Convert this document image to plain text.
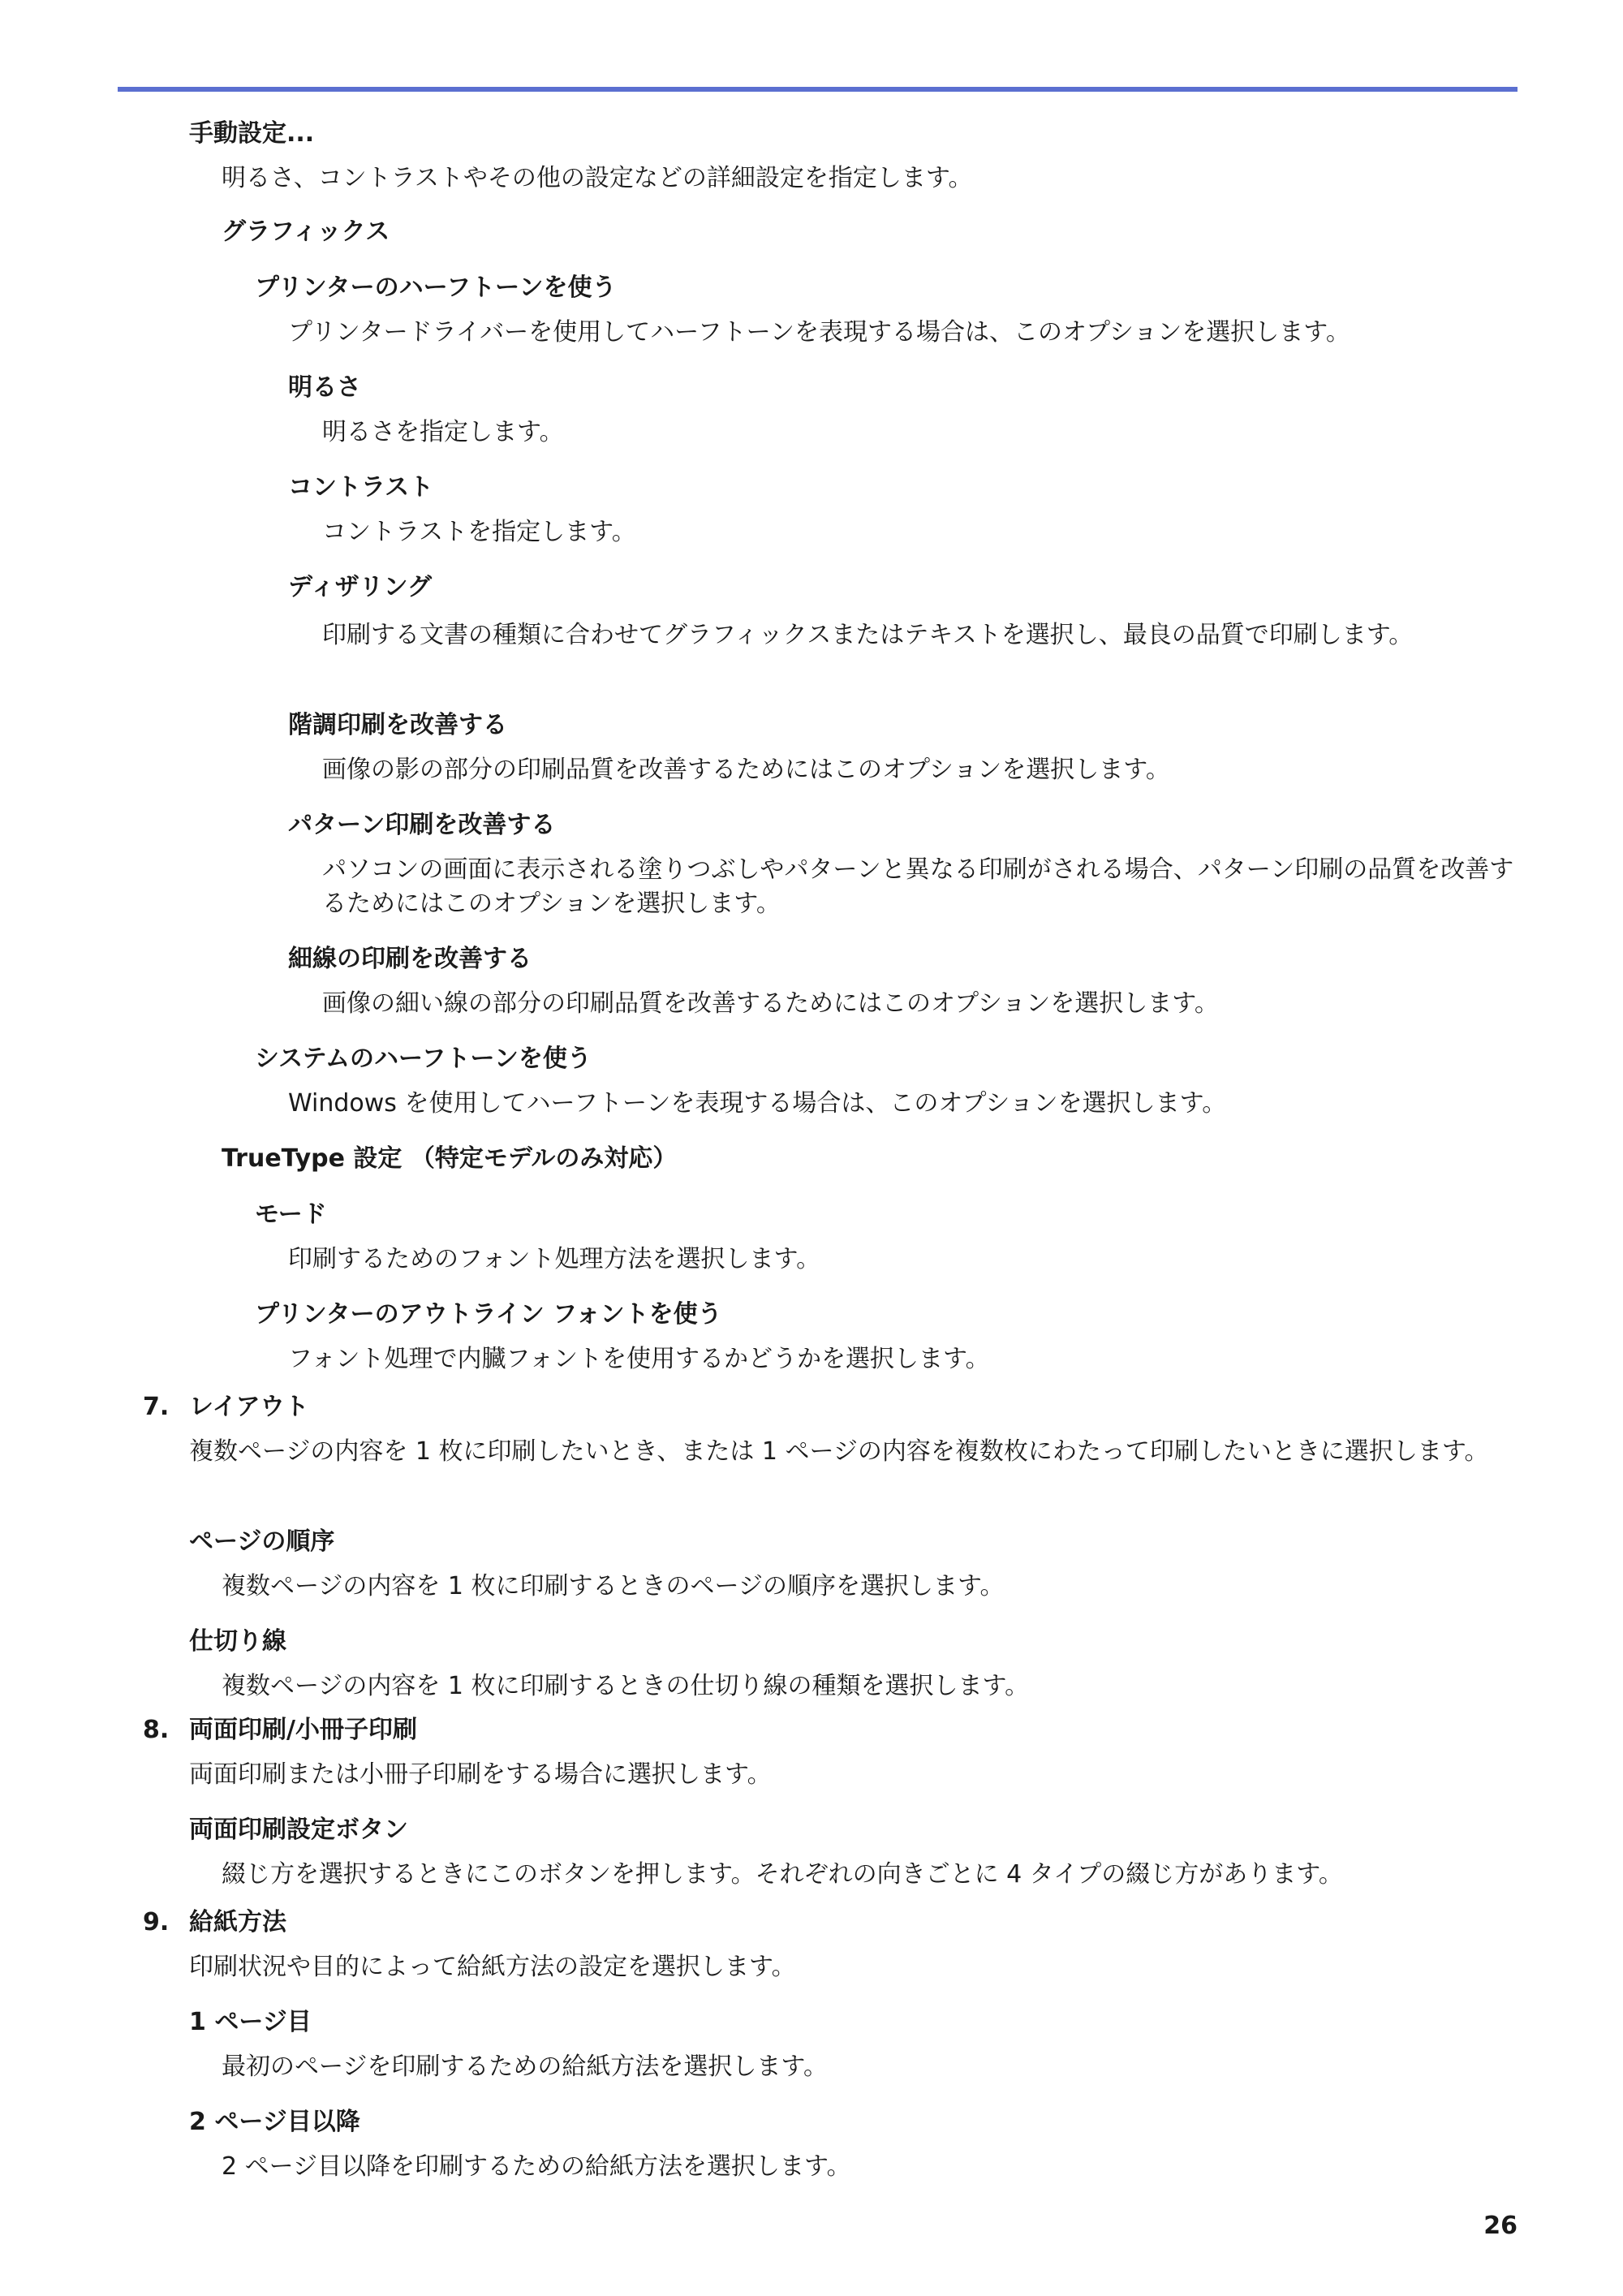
手動設定...
明るさ、コントラストやその他の設定などの詳細設定を指定します。
グラフィックス
プリンターのハーフトーンを使う
プリンタードライバーを使用してハーフトーンを表現する場合は、このオプションを選択します。
明るさ
明るさを指定します。
コントラスト
コントラストを指定します。
ディザリング
印刷する文書の種類に合わせてグラフィックスまたはテキストを選択し、最良の品質で印刷します。
階調印刷を改善する
画像の影の部分の印刷品質を改善するためにはこのオプションを選択します。
パターン印刷を改善する
パソコンの画面に表示される塗りつぶしやパターンと異なる印刷がされる場合、パターン印刷の品質を改善するためにはこのオプションを選択します。
細線の印刷を改善する
画像の細い線の部分の印刷品質を改善するためにはこのオプションを選択します。
システムのハーフトーンを使う
Windows を使用してハーフトーンを表現する場合は、このオプションを選択します。
TrueType 設定 （特定モデルのみ対応）
モード
印刷するためのフォント処理方法を選択します。
プリンターのアウトライン フォントを使う
フォント処理で内臓フォントを使用するかどうかを選択します。
7. レイアウト
複数ページの内容を 1 枚に印刷したいとき、または 1 ページの内容を複数枚にわたって印刷したいときに選択します。
ページの順序
複数ページの内容を 1 枚に印刷するときのページの順序を選択します。
仕切り線
複数ページの内容を 1 枚に印刷するときの仕切り線の種類を選択します。
8. 両面印刷/小冊子印刷
両面印刷または小冊子印刷をする場合に選択します。
両面印刷設定ボタン
綴じ方を選択するときにこのボタンを押します。それぞれの向きごとに 4 タイプの綴じ方があります。
9. 給紙方法
印刷状況や目的によって給紙方法の設定を選択します。
1 ページ目
最初のページを印刷するための給紙方法を選択します。
2 ページ目以降
2 ページ目以降を印刷するための給紙方法を選択します。
26
